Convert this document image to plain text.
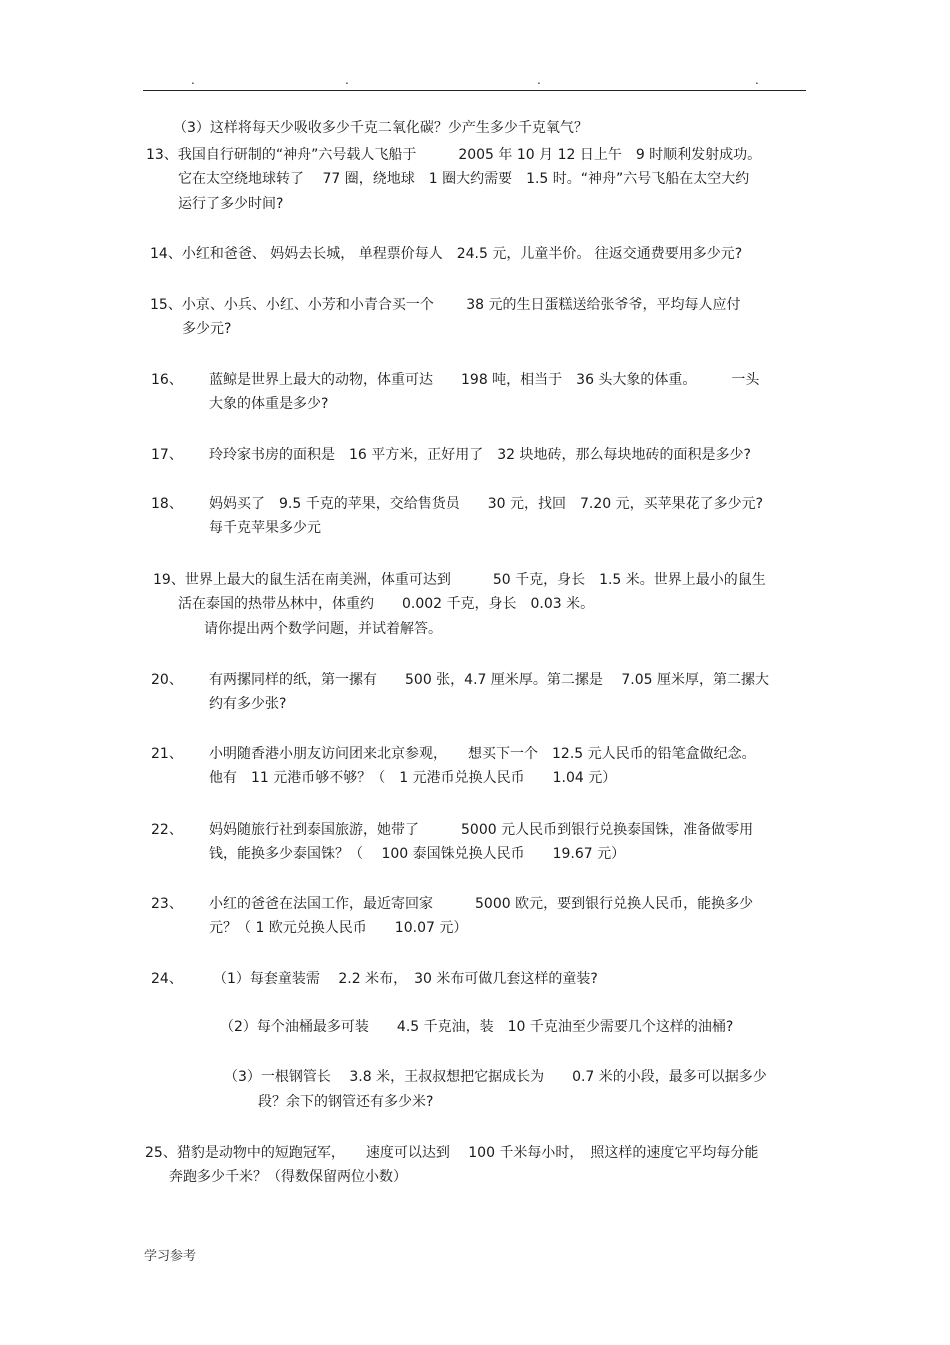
.	.	.	.
（3）这样将每天少吸收多少千克二氧化碳？少产生多少千克氧气？
13、我国自行研制的“神舟”六号载人飞船于　　　2005 年 10 月 12 日上午　9 时顺利发射成功。
它在太空绕地球转了　 77 圈，绕地球　1 圈大约需要　1.5 时。“神舟”六号飞船在太空大约
运行了多少时间?
14、小红和爸爸、 妈妈去长城， 单程票价每人　24.5 元，儿童半价。 往返交通费要用多少元?
15、小京、小兵、小红、小芳和小青合买一个　　 38 元的生日蛋糕送给张爷爷，平均每人应付
多少元?
16、 蓝鲸是世界上最大的动物，体重可达　　198 吨，相当于　36 头大象的体重。　　　一头
大象的体重是多少?
17、 玲玲家书房的面积是　16 平方米，正好用了　32 块地砖，那么每块地砖的面积是多少?
18、 妈妈买了　9.5 千克的苹果，交给售货员　　30 元，找回　7.20 元，买苹果花了多少元?
每千克苹果多少元
19、世界上最大的鼠生活在南美洲，体重可达到　　　50 千克，身长　1.5 米。世界上最小的鼠生
活在泰国的热带丛林中，体重约　　0.002 千克，身长　0.03 米。
请你提出两个数学问题，并试着解答。
20、 有两摞同样的纸，第一摞有　　500 张，4.7 厘米厚。第二摞是　 7.05 厘米厚，第二摞大
约有多少张?
21、 小明随香港小朋友访问团来北京参观，　　想买下一个　12.5 元人民币的铅笔盒做纪念。
他有　11 元港币够不够？（　1 元港币兑换人民币　　1.04 元）
22、 妈妈随旅行社到泰国旅游，她带了　　　5000 元人民币到银行兑换泰国铢，准备做零用
钱，能换多少泰国铢？（　 100 泰国铢兑换人民币　　19.67 元）
23、 小红的爸爸在法国工作，最近寄回家　　　5000 欧元，要到银行兑换人民币，能换多少
元？（ 1 欧元兑换人民币　　10.07 元）
24、 （1）每套童装需　 2.2 米布，　30 米布可做几套这样的童装?
（2）每个油桶最多可装　　4.5 千克油，装　10 千克油至少需要几个这样的油桶?
（3）一根钢管长　 3.8 米，王叔叔想把它据成长为　　0.7 米的小段，最多可以据多少
段？余下的钢管还有多少米?
25、猎豹是动物中的短跑冠军，　　速度可以达到　 100 千米每小时，　照这样的速度它平均每分能
奔跑多少千米？（得数保留两位小数）
学习参考
